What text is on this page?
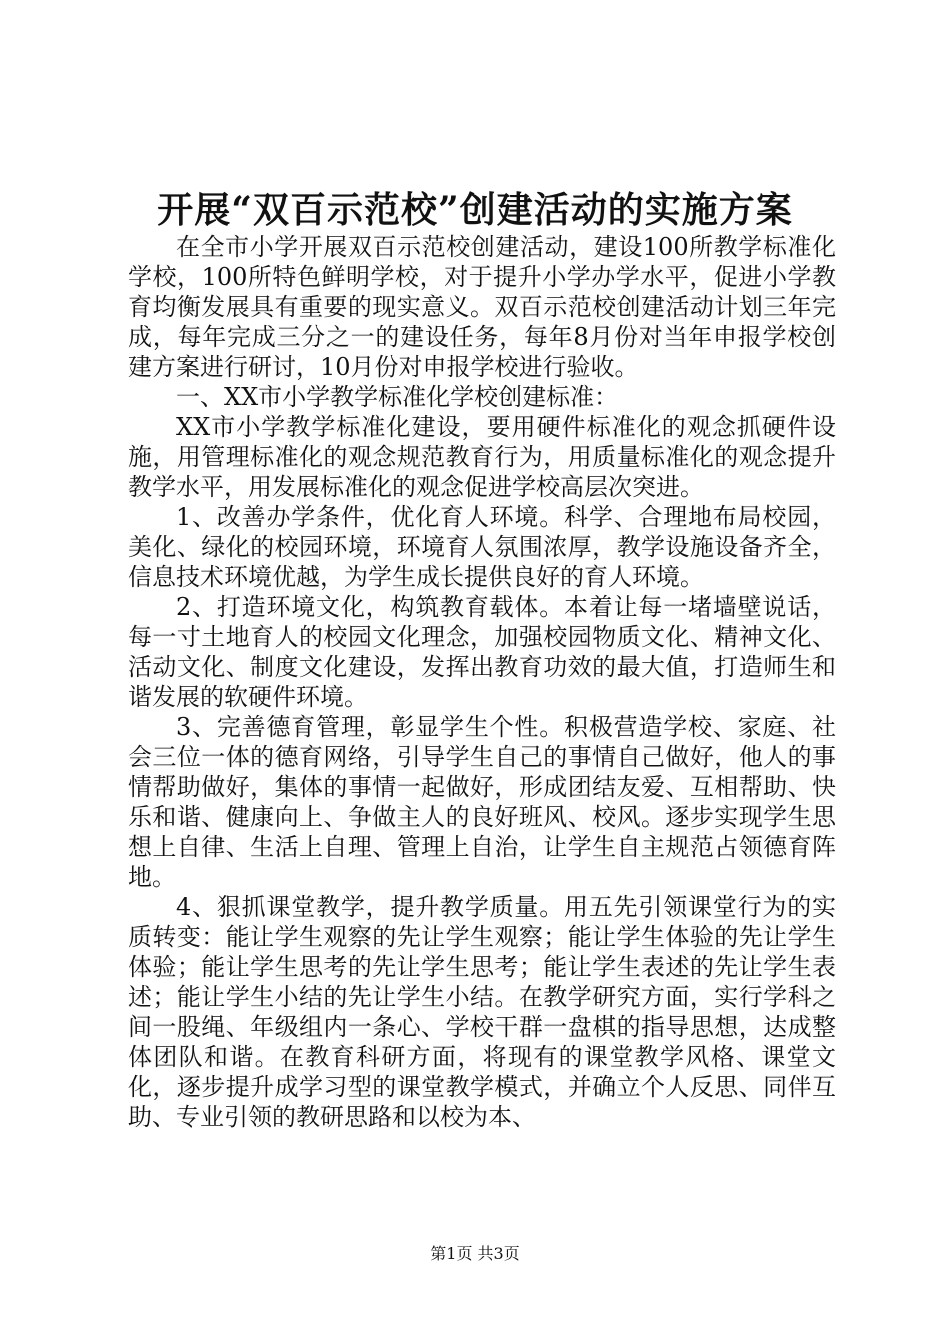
开展“双百示范校”创建活动的实施方案

在全市小学开展双百示范校创建活动，建设100所教学标准化学校，100所特色鲜明学校，对于提升小学办学水平，促进小学教育均衡发展具有重要的现实意义。双百示范校创建活动计划三年完成，每年完成三分之一的建设任务，每年8月份对当年申报学校创建方案进行研讨，10月份对申报学校进行验收。

一、XX市小学教学标准化学校创建标准：

XX市小学教学标准化建设，要用硬件标准化的观念抓硬件设施，用管理标准化的观念规范教育行为，用质量标准化的观念提升教学水平，用发展标准化的观念促进学校高层次突进。

1、改善办学条件，优化育人环境。科学、合理地布局校园，美化、绿化的校园环境，环境育人氛围浓厚，教学设施设备齐全，信息技术环境优越，为学生成长提供良好的育人环境。

2、打造环境文化，构筑教育载体。本着让每一堵墙壁说话，每一寸土地育人的校园文化理念，加强校园物质文化、精神文化、活动文化、制度文化建设，发挥出教育功效的最大值，打造师生和谐发展的软硬件环境。

3、完善德育管理，彰显学生个性。积极营造学校、家庭、社会三位一体的德育网络，引导学生自己的事情自己做好，他人的事情帮助做好，集体的事情一起做好，形成团结友爱、互相帮助、快乐和谐、健康向上、争做主人的良好班风、校风。逐步实现学生思想上自律、生活上自理、管理上自治，让学生自主规范占领德育阵地。

4、狠抓课堂教学，提升教学质量。用五先引领课堂行为的实质转变：能让学生观察的先让学生观察；能让学生体验的先让学生体验；能让学生思考的先让学生思考；能让学生表述的先让学生表述；能让学生小结的先让学生小结。在教学研究方面，实行学科之间一股绳、年级组内一条心、学校干群一盘棋的指导思想，达成整体团队和谐。在教育科研方面，将现有的课堂教学风格、课堂文化，逐步提升成学习型的课堂教学模式，并确立个人反思、同伴互助、专业引领的教研思路和以校为本、

第1页 共3页
